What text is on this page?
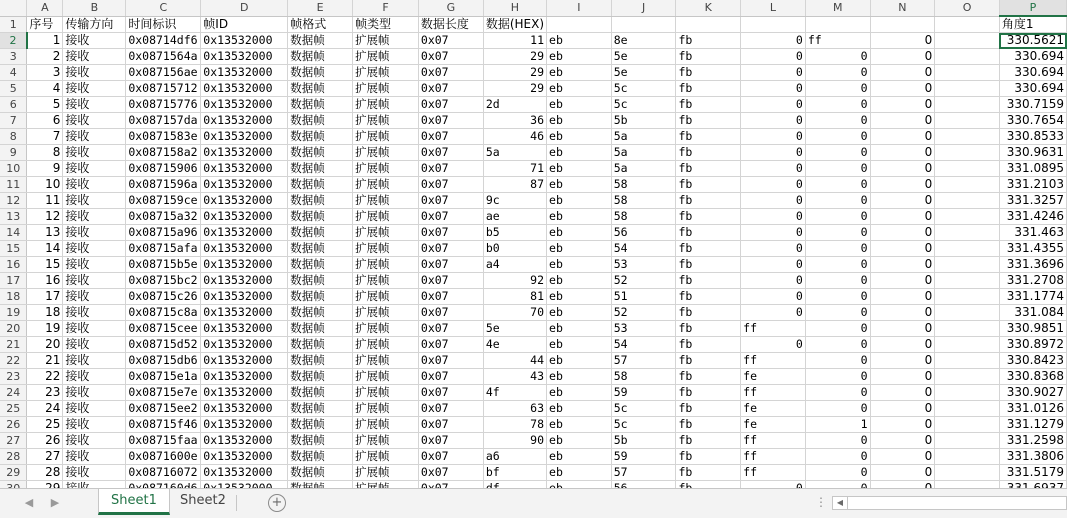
	A	B	C	D	E	F	G	H	I	J	K	L	M	N	O	P
1	序号	传输方向	时间标识	帧ID	帧格式	帧类型	数据长度	数据(HEX)								角度1
2	1	接收	0x08714df6	0x13532000	数据帧	扩展帧	0x07	11	eb	8e	fb	0	ff	0		330.5621
3	2	接收	0x0871564a	0x13532000	数据帧	扩展帧	0x07	29	eb	5e	fb	0	0	0		330.694
4	3	接收	0x087156ae	0x13532000	数据帧	扩展帧	0x07	29	eb	5e	fb	0	0	0		330.694
5	4	接收	0x08715712	0x13532000	数据帧	扩展帧	0x07	29	eb	5c	fb	0	0	0		330.694
6	5	接收	0x08715776	0x13532000	数据帧	扩展帧	0x07	2d	eb	5c	fb	0	0	0		330.7159
7	6	接收	0x087157da	0x13532000	数据帧	扩展帧	0x07	36	eb	5b	fb	0	0	0		330.7654
8	7	接收	0x0871583e	0x13532000	数据帧	扩展帧	0x07	46	eb	5a	fb	0	0	0		330.8533
9	8	接收	0x087158a2	0x13532000	数据帧	扩展帧	0x07	5a	eb	5a	fb	0	0	0		330.9631
10	9	接收	0x08715906	0x13532000	数据帧	扩展帧	0x07	71	eb	5a	fb	0	0	0		331.0895
11	10	接收	0x0871596a	0x13532000	数据帧	扩展帧	0x07	87	eb	58	fb	0	0	0		331.2103
12	11	接收	0x087159ce	0x13532000	数据帧	扩展帧	0x07	9c	eb	58	fb	0	0	0		331.3257
13	12	接收	0x08715a32	0x13532000	数据帧	扩展帧	0x07	ae	eb	58	fb	0	0	0		331.4246
14	13	接收	0x08715a96	0x13532000	数据帧	扩展帧	0x07	b5	eb	56	fb	0	0	0		331.463
15	14	接收	0x08715afa	0x13532000	数据帧	扩展帧	0x07	b0	eb	54	fb	0	0	0		331.4355
16	15	接收	0x08715b5e	0x13532000	数据帧	扩展帧	0x07	a4	eb	53	fb	0	0	0		331.3696
17	16	接收	0x08715bc2	0x13532000	数据帧	扩展帧	0x07	92	eb	52	fb	0	0	0		331.2708
18	17	接收	0x08715c26	0x13532000	数据帧	扩展帧	0x07	81	eb	51	fb	0	0	0		331.1774
19	18	接收	0x08715c8a	0x13532000	数据帧	扩展帧	0x07	70	eb	52	fb	0	0	0		331.084
20	19	接收	0x08715cee	0x13532000	数据帧	扩展帧	0x07	5e	eb	53	fb	ff	0	0		330.9851
21	20	接收	0x08715d52	0x13532000	数据帧	扩展帧	0x07	4e	eb	54	fb	0	0	0		330.8972
22	21	接收	0x08715db6	0x13532000	数据帧	扩展帧	0x07	44	eb	57	fb	ff	0	0		330.8423
23	22	接收	0x08715e1a	0x13532000	数据帧	扩展帧	0x07	43	eb	58	fb	fe	0	0		330.8368
24	23	接收	0x08715e7e	0x13532000	数据帧	扩展帧	0x07	4f	eb	59	fb	ff	0	0		330.9027
25	24	接收	0x08715ee2	0x13532000	数据帧	扩展帧	0x07	63	eb	5c	fb	fe	0	0		331.0126
26	25	接收	0x08715f46	0x13532000	数据帧	扩展帧	0x07	78	eb	5c	fb	fe	1	0		331.1279
27	26	接收	0x08715faa	0x13532000	数据帧	扩展帧	0x07	90	eb	5b	fb	ff	0	0		331.2598
28	27	接收	0x0871600e	0x13532000	数据帧	扩展帧	0x07	a6	eb	59	fb	ff	0	0		331.3806
29	28	接收	0x08716072	0x13532000	数据帧	扩展帧	0x07	bf	eb	57	fb	ff	0	0		331.5179

◀ ▶	Sheet1	Sheet2	+	⋮	◀
